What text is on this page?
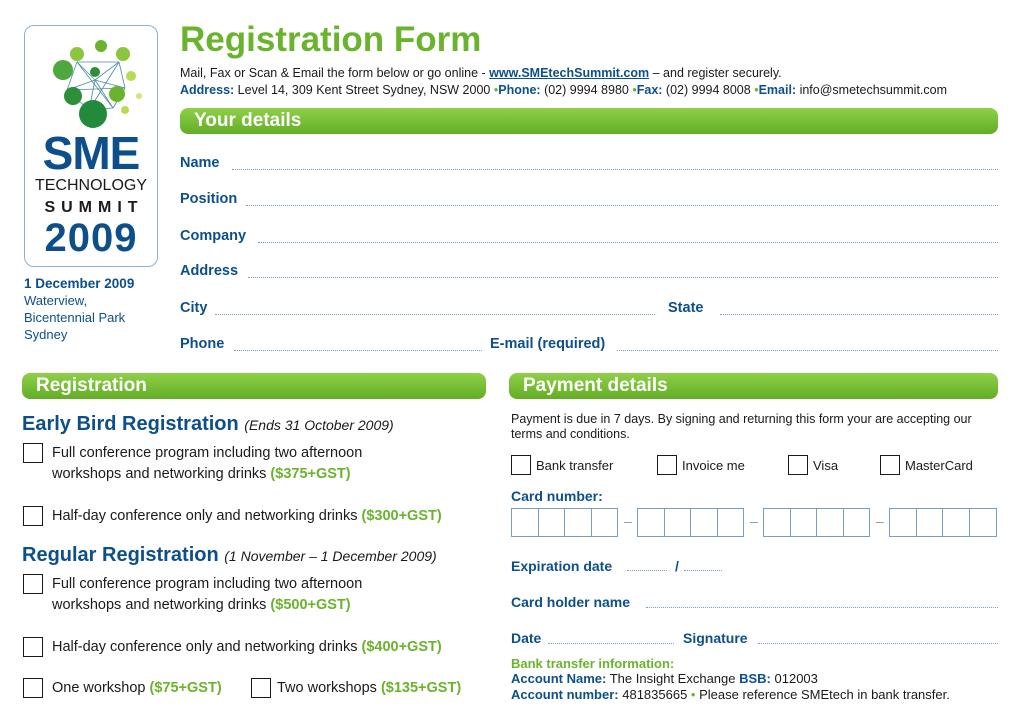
SME
TECHNOLOGY
SUMMIT
2009
1 December 2009
Waterview,
Bicentennial Park
Sydney
Registration Form
Mail, Fax or Scan & Email the form below or go online - www.SMEtechSummit.com – and register securely.
Address: Level 14, 309 Kent Street Sydney, NSW 2000 •Phone: (02) 9994 8980 •Fax: (02) 9994 8008 •Email: info@smetechsummit.com
Your details
Name
Position
Company
Address
City	State
Phone	E-mail (required)
Registration
Early Bird Registration (Ends 31 October 2009)
Full conference program including two afternoon
workshops and networking drinks ($375+GST)
Half-day conference only and networking drinks ($300+GST)
Regular Registration (1 November – 1 December 2009)
Full conference program including two afternoon
workshops and networking drinks ($500+GST)
Half-day conference only and networking drinks ($400+GST)
One workshop ($75+GST)	Two workshops ($135+GST)
Payment details
Payment is due in 7 days. By signing and returning this form your are accepting our terms and conditions.
Bank transfer	Invoice me	Visa	MasterCard
Card number:
–	–	–
Expiration date	/
Card holder name
Date	Signature
Bank transfer information:
Account Name: The Insight Exchange BSB: 012003
Account number: 481835665 • Please reference SMEtech in bank transfer.
